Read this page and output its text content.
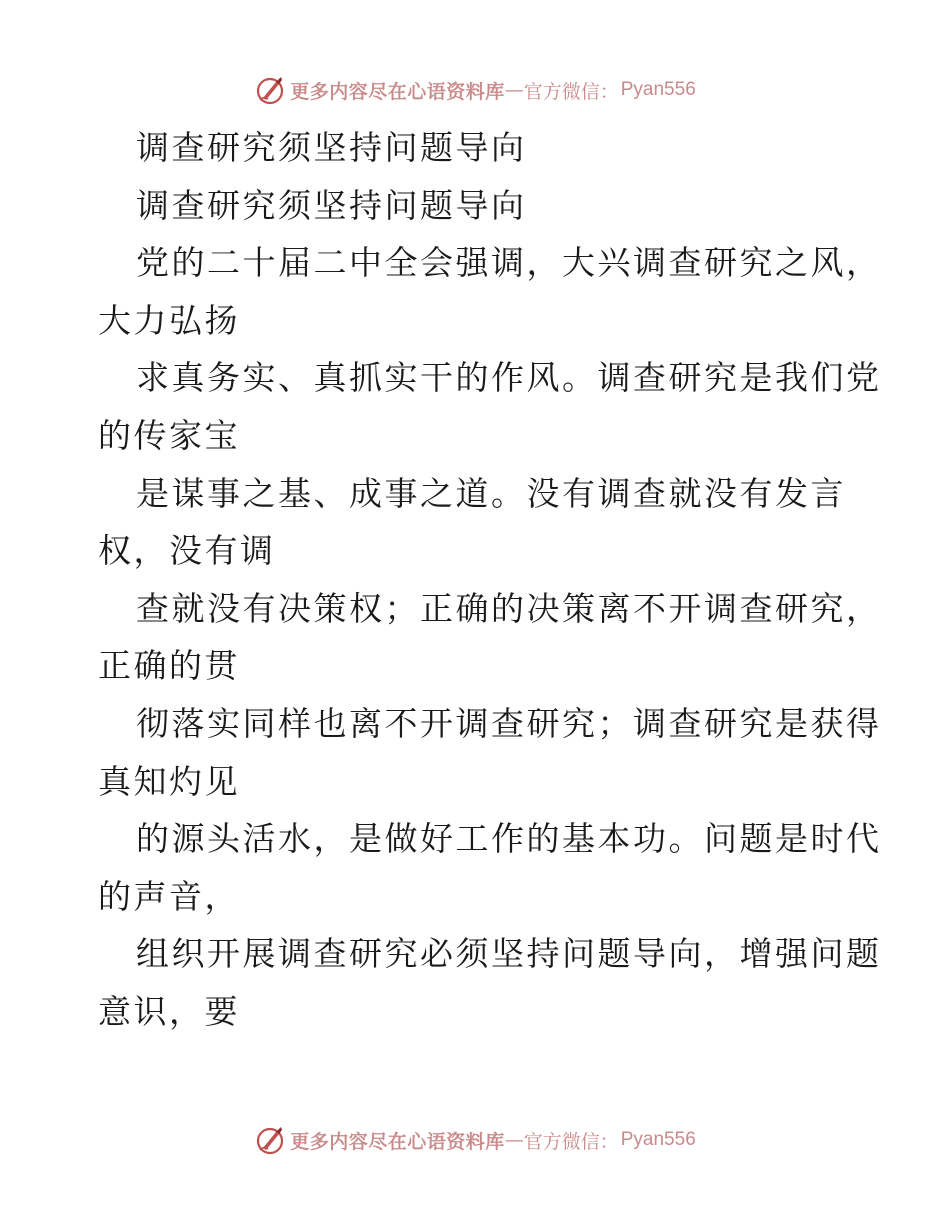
更多内容尽在心语资料库 — 官方微信： Pyan556
调查研究须坚持问题导向
调查研究须坚持问题导向
党的二十届二中全会强调，大兴调查研究之风，
大力弘扬
求真务实、真抓实干的作风。调查研究是我们党
的传家宝
是谋事之基、成事之道。没有调查就没有发言
权，没有调
查就没有决策权；正确的决策离不开调查研究，
正确的贯
彻落实同样也离不开调查研究；调查研究是获得
真知灼见
的源头活水，是做好工作的基本功。问题是时代
的声音，
组织开展调查研究必须坚持问题导向，增强问题
意识，要
更多内容尽在心语资料库 — 官方微信： Pyan556
